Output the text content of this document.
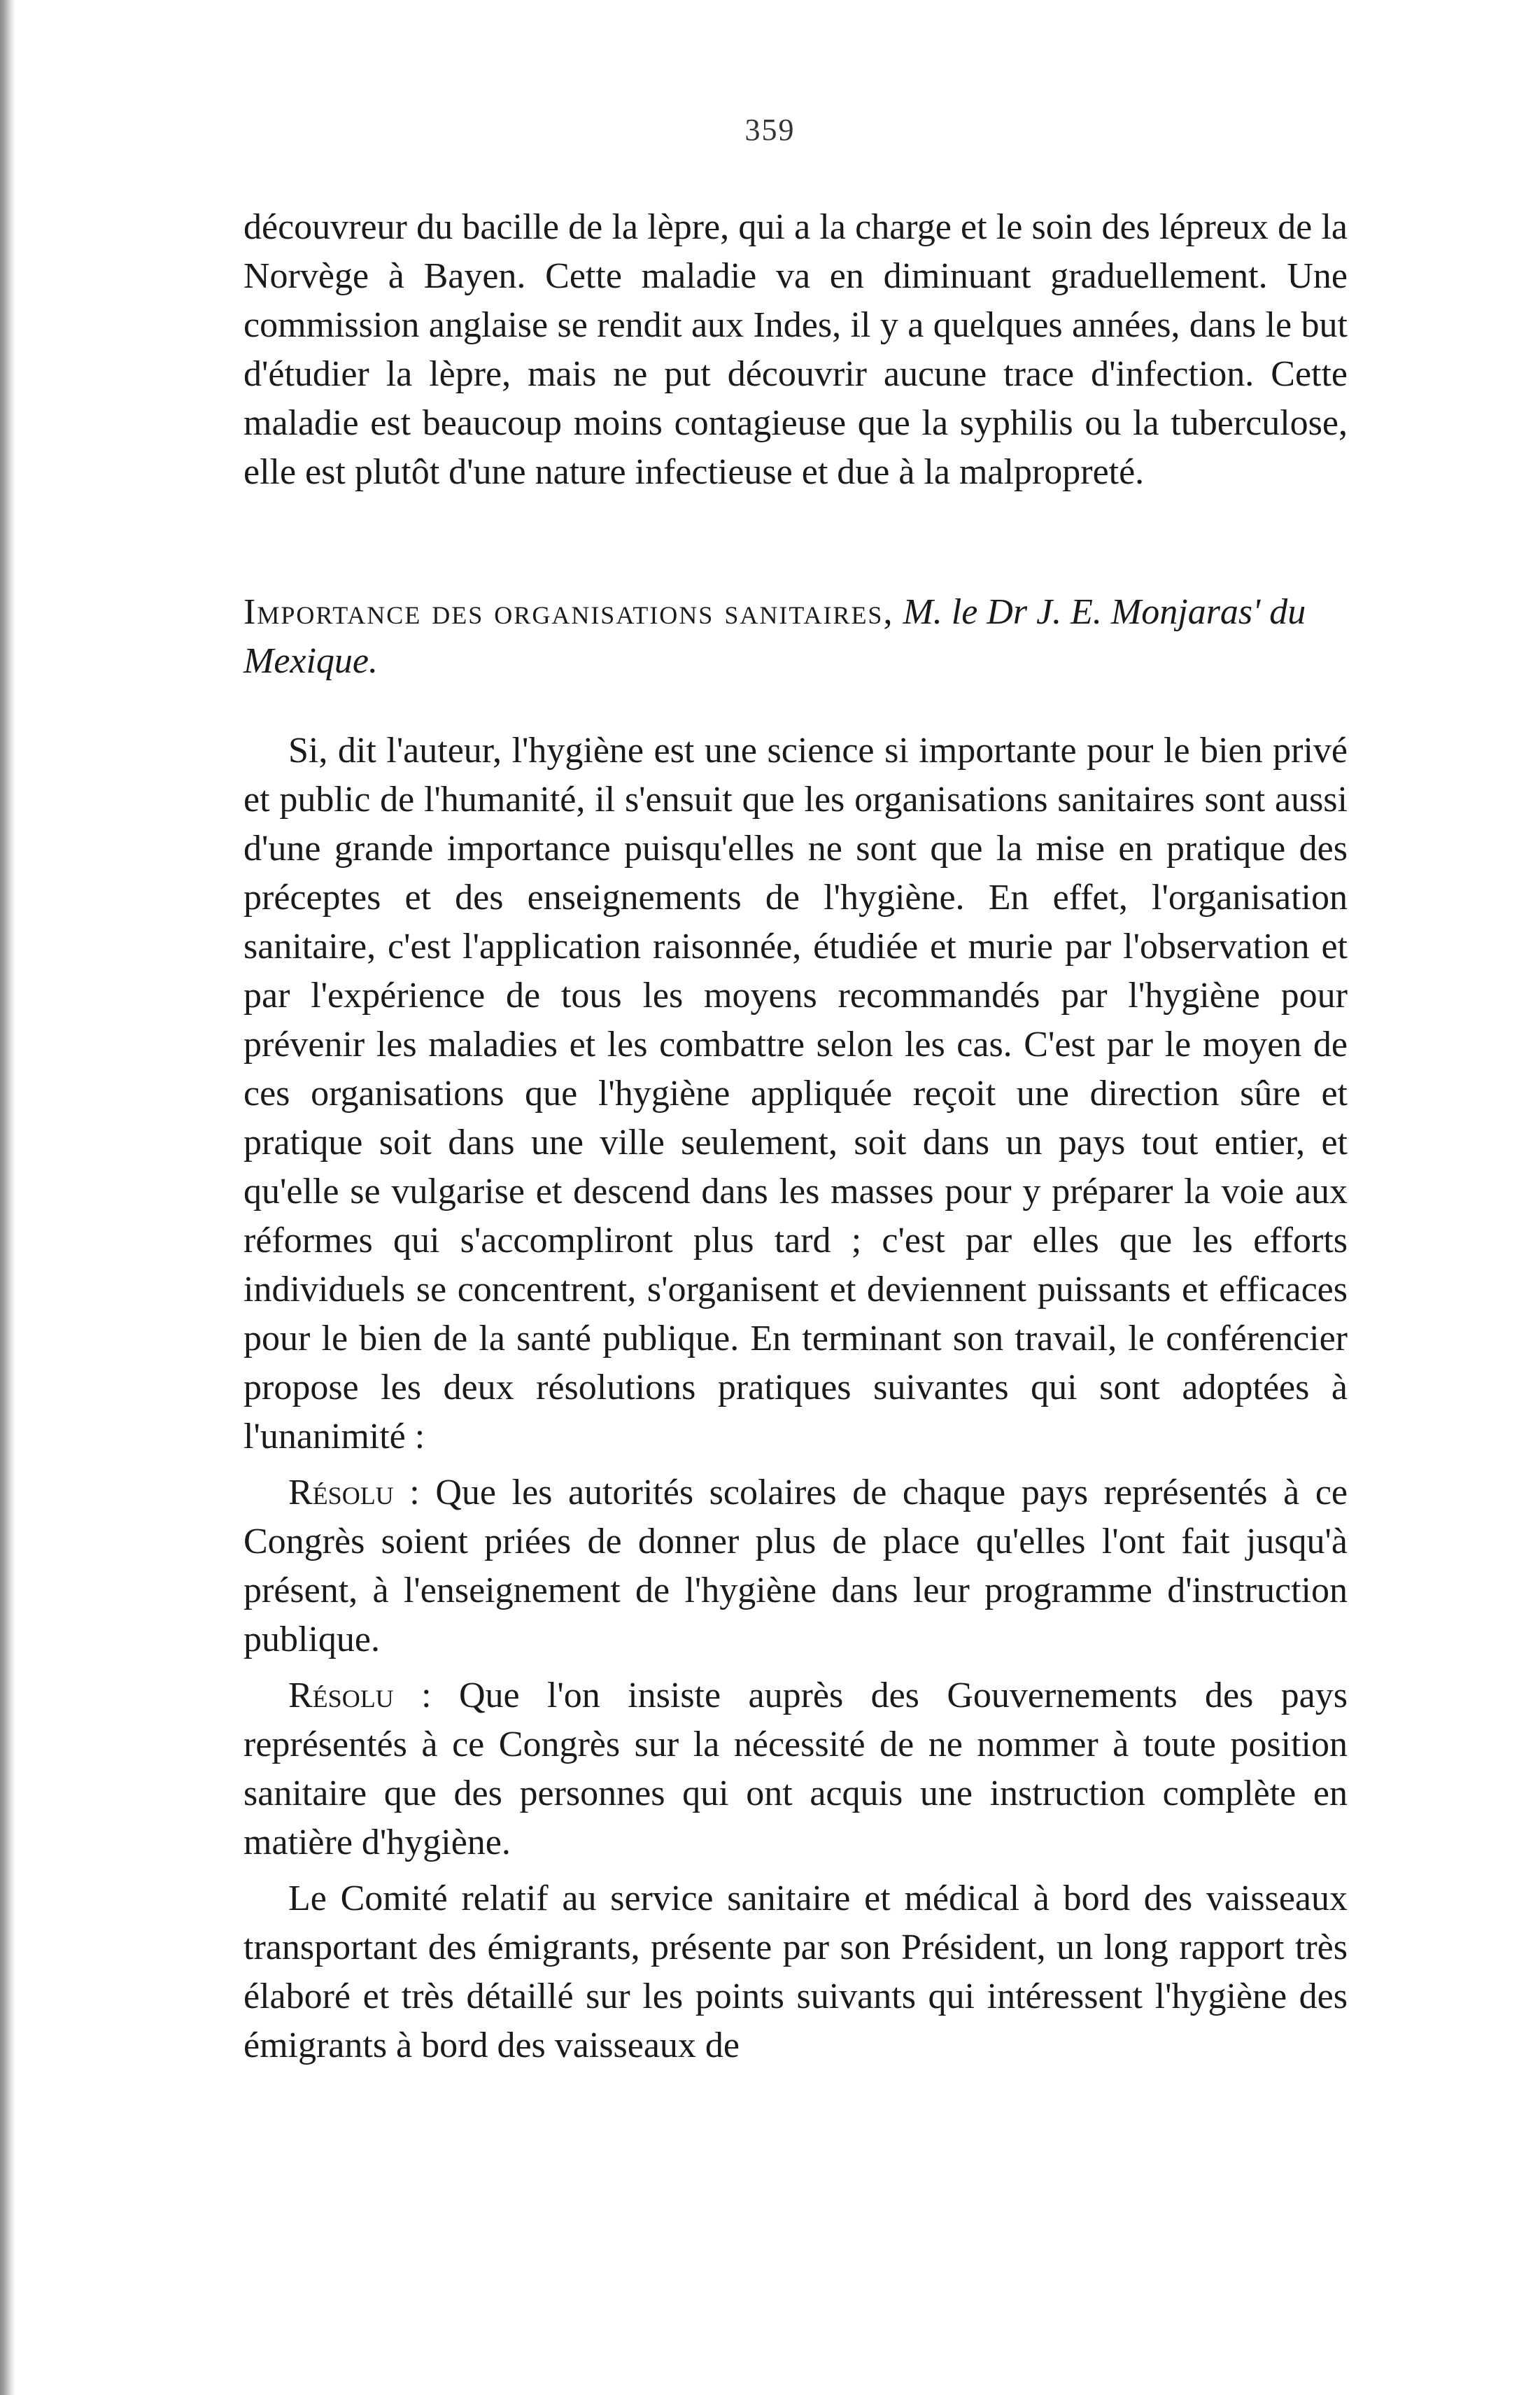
359

découvreur du bacille de la lèpre, qui a la charge et le soin des lépreux de la Norvège à Bayen. Cette maladie va en diminuant graduellement. Une commission anglaise se rendit aux Indes, il y a quelques années, dans le but d'étudier la lèpre, mais ne put découvrir aucune trace d'infection. Cette maladie est beaucoup moins contagieuse que la syphilis ou la tuberculose, elle est plutôt d'une nature infectieuse et due à la malpropreté.

Importance des organisations sanitaires, M. le Dr J. E. Monjaras' du Mexique.

Si, dit l'auteur, l'hygiène est une science si importante pour le bien privé et public de l'humanité, il s'ensuit que les organisations sanitaires sont aussi d'une grande importance puisqu'elles ne sont que la mise en pratique des préceptes et des enseignements de l'hygiène. En effet, l'organisation sanitaire, c'est l'application raisonnée, étudiée et murie par l'observation et par l'expérience de tous les moyens recommandés par l'hygiène pour prévenir les maladies et les combattre selon les cas. C'est par le moyen de ces organisations que l'hygiène appliquée reçoit une direction sûre et pratique soit dans une ville seulement, soit dans un pays tout entier, et qu'elle se vulgarise et descend dans les masses pour y préparer la voie aux réformes qui s'accompliront plus tard ; c'est par elles que les efforts individuels se concentrent, s'organisent et deviennent puissants et efficaces pour le bien de la santé publique. En terminant son travail, le conférencier propose les deux résolutions pratiques suivantes qui sont adoptées à l'unanimité :

Résolu : Que les autorités scolaires de chaque pays représentés à ce Congrès soient priées de donner plus de place qu'elles l'ont fait jusqu'à présent, à l'enseignement de l'hygiène dans leur programme d'instruction publique.

Résolu : Que l'on insiste auprès des Gouvernements des pays représentés à ce Congrès sur la nécessité de ne nommer à toute position sanitaire que des personnes qui ont acquis une instruction complète en matière d'hygiène.

Le Comité relatif au service sanitaire et médical à bord des vaisseaux transportant des émigrants, présente par son Président, un long rapport très élaboré et très détaillé sur les points suivants qui intéressent l'hygiène des émigrants à bord des vaisseaux de
